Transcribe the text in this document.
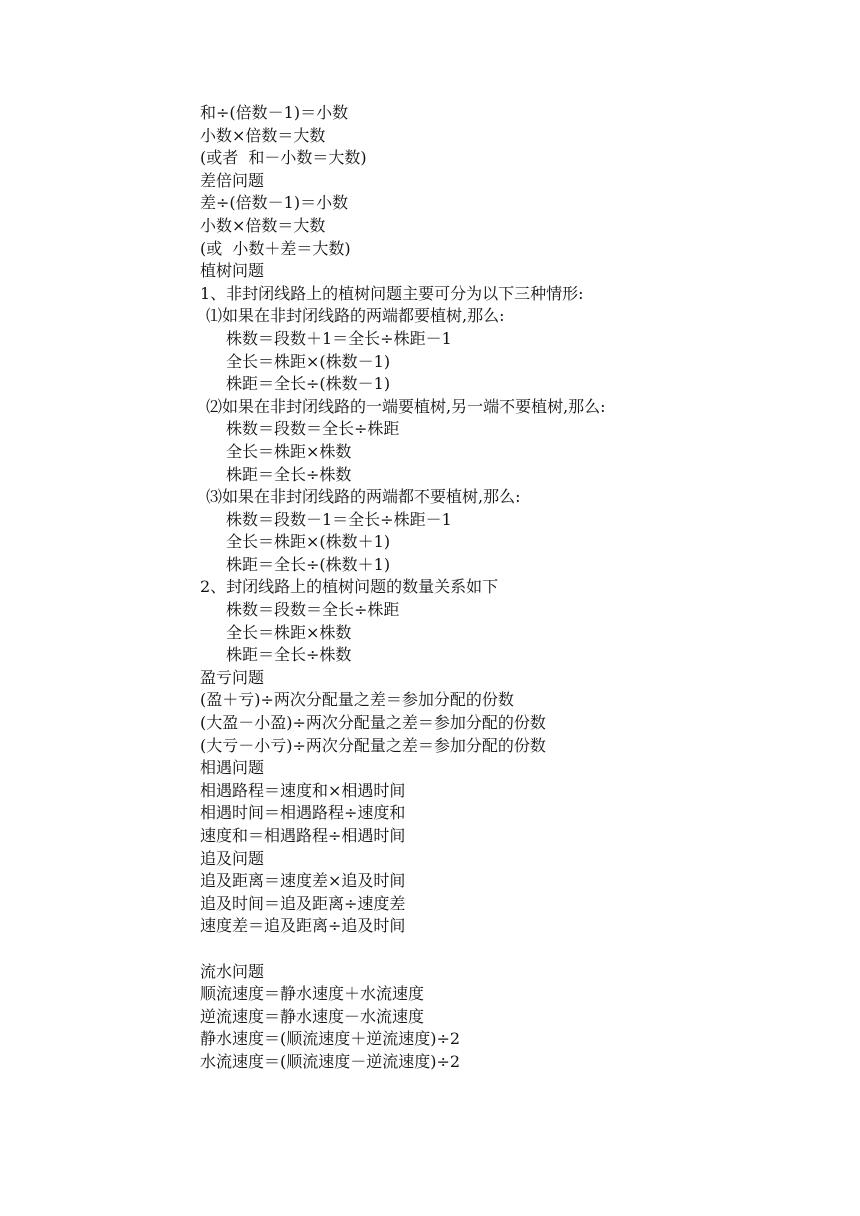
和÷(倍数－1)＝小数
小数×倍数＝大数
(或者  和－小数＝大数)
差倍问题
差÷(倍数－1)＝小数
小数×倍数＝大数
(或  小数＋差＝大数)
植树问题
1、非封闭线路上的植树问题主要可分为以下三种情形:
⑴如果在非封闭线路的两端都要植树,那么:
株数＝段数＋1＝全长÷株距－1
全长＝株距×(株数－1)
株距＝全长÷(株数－1)
⑵如果在非封闭线路的一端要植树,另一端不要植树,那么:
株数＝段数＝全长÷株距
全长＝株距×株数
株距＝全长÷株数
⑶如果在非封闭线路的两端都不要植树,那么:
株数＝段数－1＝全长÷株距－1
全长＝株距×(株数＋1)
株距＝全长÷(株数＋1)
2、封闭线路上的植树问题的数量关系如下
株数＝段数＝全长÷株距
全长＝株距×株数
株距＝全长÷株数
盈亏问题
(盈＋亏)÷两次分配量之差＝参加分配的份数
(大盈－小盈)÷两次分配量之差＝参加分配的份数
(大亏－小亏)÷两次分配量之差＝参加分配的份数
相遇问题
相遇路程＝速度和×相遇时间
相遇时间＝相遇路程÷速度和
速度和＝相遇路程÷相遇时间
追及问题
追及距离＝速度差×追及时间
追及时间＝追及距离÷速度差
速度差＝追及距离÷追及时间
流水问题
顺流速度＝静水速度＋水流速度
逆流速度＝静水速度－水流速度
静水速度＝(顺流速度＋逆流速度)÷2
水流速度＝(顺流速度－逆流速度)÷2
